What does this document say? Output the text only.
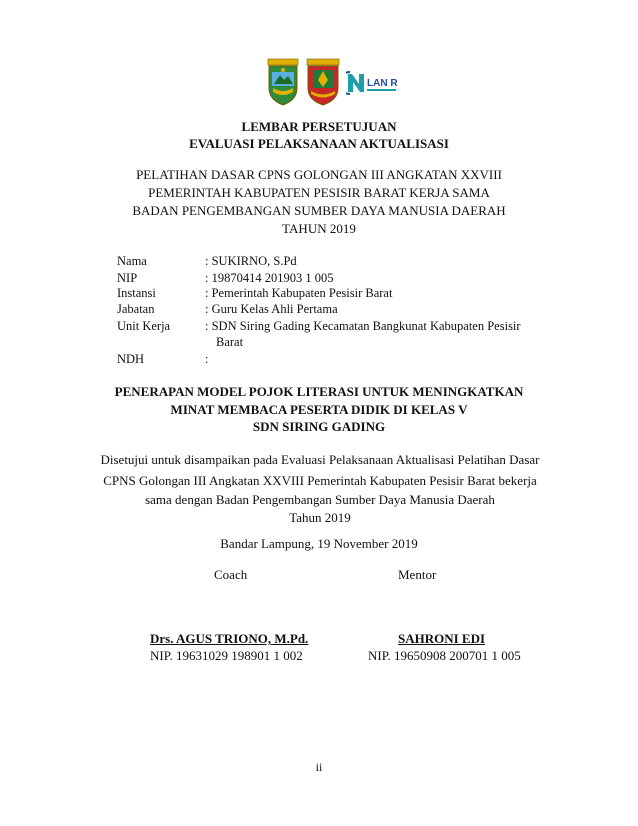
LAN RI
LEMBAR PERSETUJUAN
EVALUASI PELAKSANAAN AKTUALISASI
PELATIHAN DASAR CPNS GOLONGAN III ANGKATAN XXVIII
PEMERINTAH KABUPATEN PESISIR BARAT KERJA SAMA
BADAN PENGEMBANGAN SUMBER DAYA MANUSIA DAERAH
TAHUN 2019
Nama	: SUKIRNO, S.Pd
NIP	: 19870414 201903 1 005
Instansi	: Pemerintah Kabupaten Pesisir Barat
Jabatan	: Guru Kelas Ahli Pertama
Unit Kerja	: SDN Siring Gading Kecamatan Bangkunat Kabupaten Pesisir
Barat
NDH	:
PENERAPAN MODEL POJOK LITERASI UNTUK MENINGKATKAN
MINAT MEMBACA PESERTA DIDIK DI KELAS V
SDN SIRING GADING
Disetujui untuk disampaikan pada Evaluasi Pelaksanaan Aktualisasi Pelatihan Dasar
CPNS Golongan III Angkatan XXVIII Pemerintah Kabupaten Pesisir Barat bekerja
sama dengan Badan Pengembangan Sumber Daya Manusia Daerah
Tahun 2019
Bandar Lampung, 19 November 2019
Coach	Mentor
Drs. AGUS TRIONO, M.Pd.	SAHRONI EDI
NIP. 19631029 198901 1 002	NIP. 19650908 200701 1 005
ii
